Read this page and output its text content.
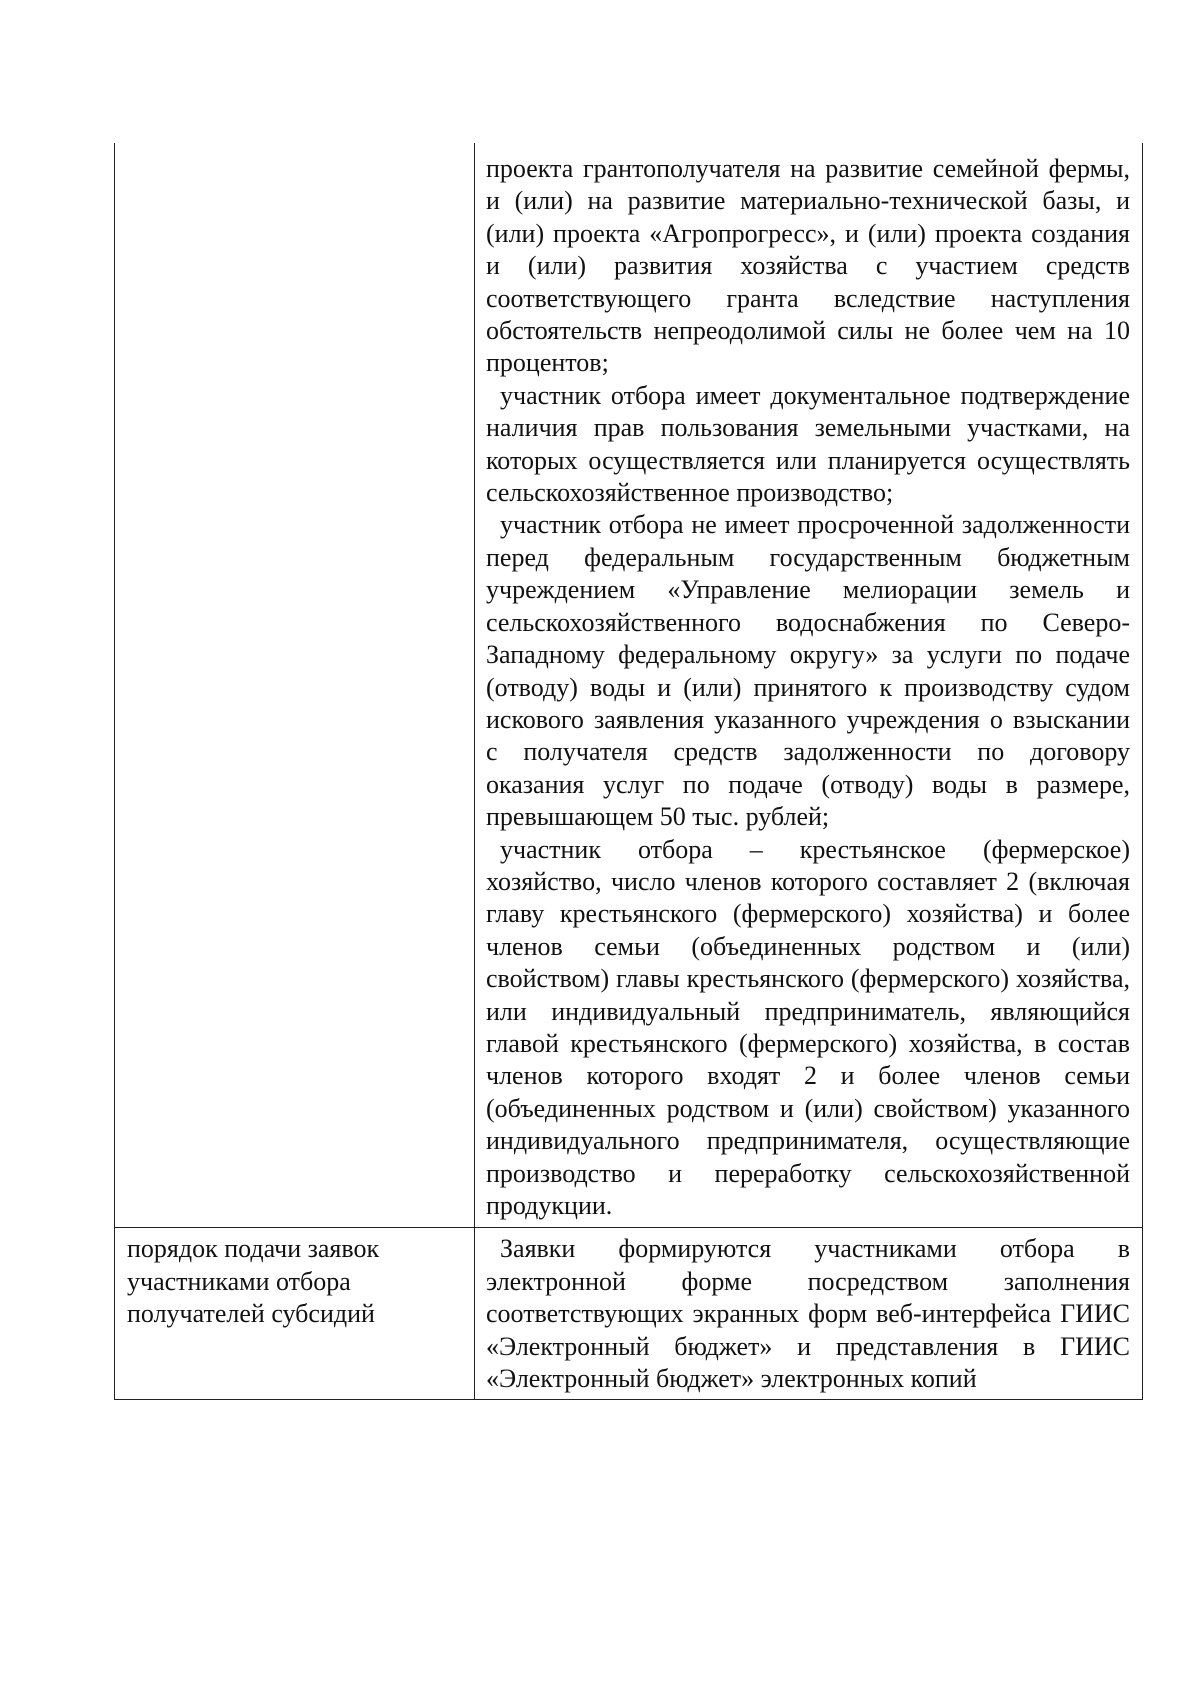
	проекта грантополучателя на развитие семейной фермы, и (или) на развитие материально-технической базы, и (или) проекта «Агропрогресс», и (или) проекта создания и (или) развития хозяйства с участием средств соответствующего гранта вследствие наступления обстоятельств непреодолимой силы не более чем на 10 процентов;

участник отбора имеет документальное подтверждение наличия прав пользования земельными участками, на которых осуществляется или планируется осуществлять сельскохозяйственное производство;

участник отбора не имеет просроченной задолженности перед федеральным государственным бюджетным учреждением «Управление мелиорации земель и сельскохозяйственного водоснабжения по Северо-Западному федеральному округу» за услуги по подаче (отводу) воды и (или) принятого к производству судом искового заявления указанного учреждения о взыскании с получателя средств задолженности по договору оказания услуг по подаче (отводу) воды в размере, превышающем 50 тыс. рублей;

участник отбора – крестьянское (фермерское) хозяйство, число членов которого составляет 2 (включая главу крестьянского (фермерского) хозяйства) и более членов семьи (объединенных родством и (или) свойством) главы крестьянского (фермерского) хозяйства, или индивидуальный предприниматель, являющийся главой крестьянского (фермерского) хозяйства, в состав членов которого входят 2 и более членов семьи (объединенных родством и (или) свойством) указанного индивидуального предпринимателя, осуществляющие производство и переработку сельскохозяйственной продукции.

порядок подачи заявок участниками отбора получателей субсидий	Заявки формируются участниками отбора в электронной форме посредством заполнения соответствующих экранных форм веб-интерфейса ГИИС «Электронный бюджет» и представления в ГИИС «Электронный бюджет» электронных копий
